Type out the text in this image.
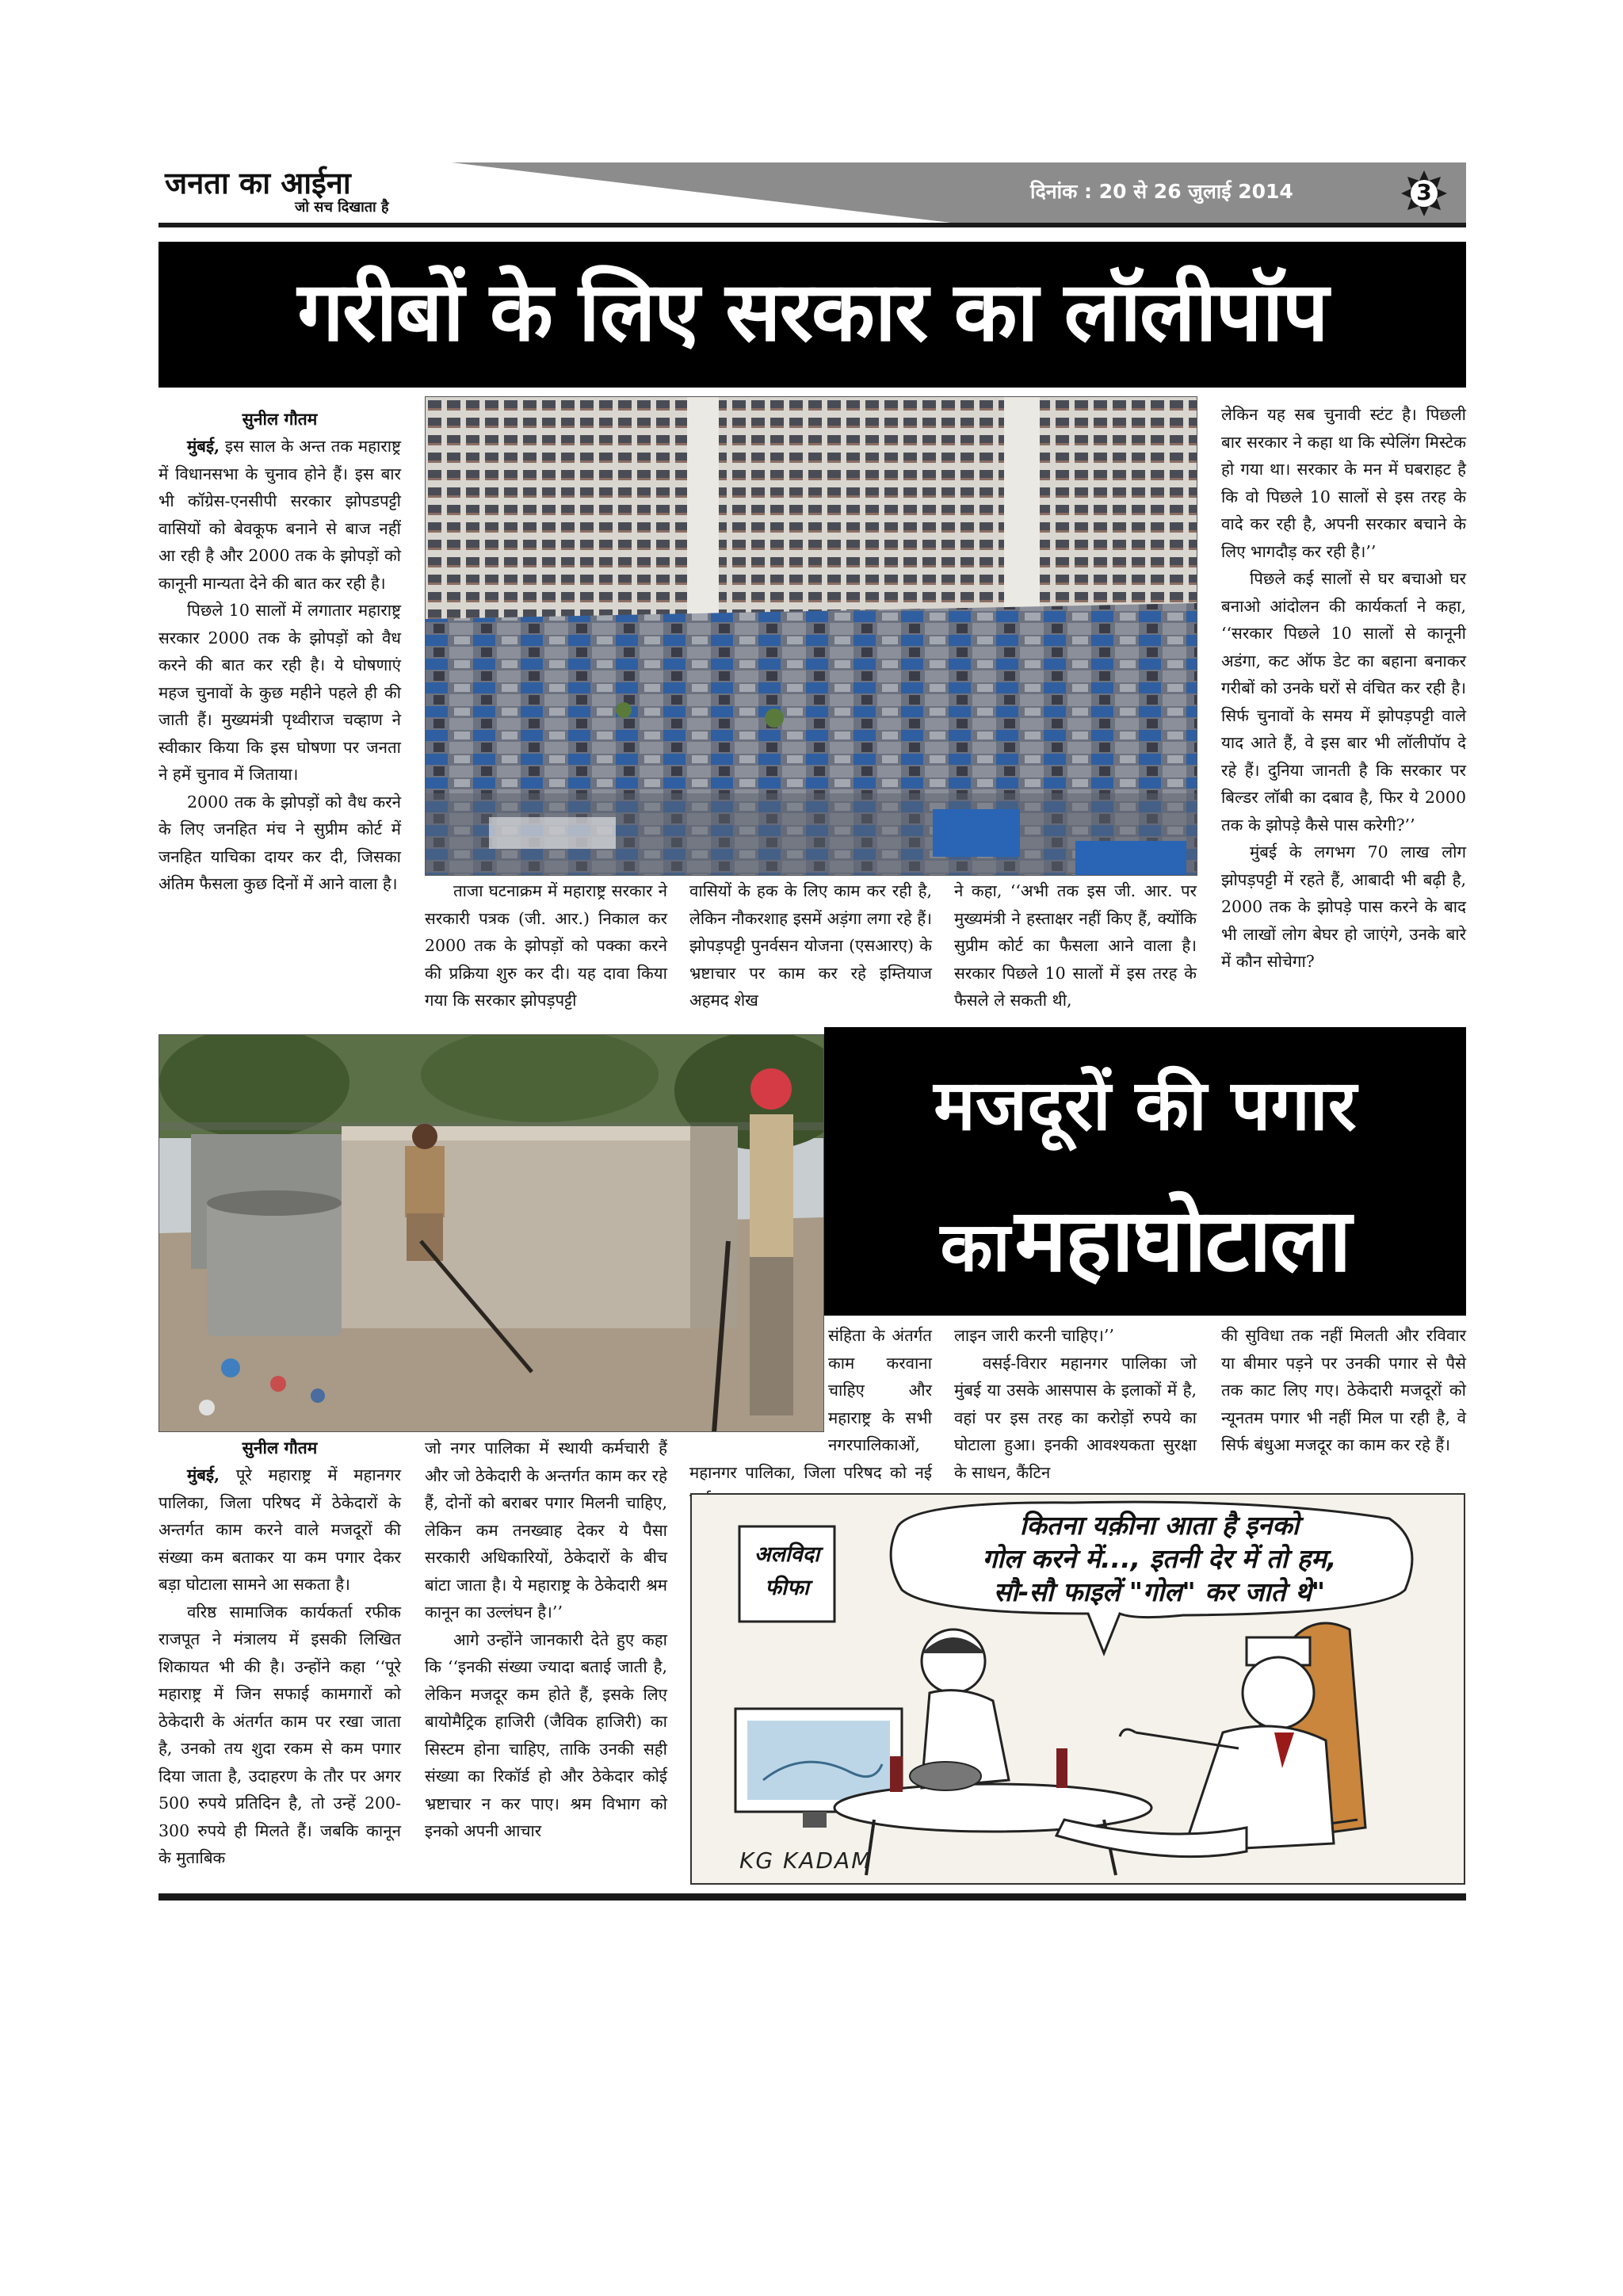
जनता का आईना
जो सच दिखाता है
दिनांक : 20 से 26 जुलाई 2014	3
गरीबों के लिए सरकार का लॉलीपॉप
सुनील गौतम

मुंबई, इस साल के अन्त तक महाराष्ट्र में विधानसभा के चुनाव होने हैं। इस बार भी कॉग्रेस-एनसीपी सरकार झोपडपट्टी वासियों को बेवकूफ बनाने से बाज नहीं आ रही है और 2000 तक के झोपड़ों को कानूनी मान्यता देने की बात कर रही है।

पिछले 10 सालों में लगातार महाराष्ट्र सरकार 2000 तक के झोपड़ों को वैध करने की बात कर रही है। ये घोषणाएं महज चुनावों के कुछ महीने पहले ही की जाती हैं। मुख्यमंत्री पृथ्वीराज चव्हाण ने स्वीकार किया कि इस घोषणा पर जनता ने हमें चुनाव में जिताया।

2000 तक के झोपड़ों को वैध करने के लिए जनहित मंच ने सुप्रीम कोर्ट में जनहित याचिका दायर कर दी, जिसका अंतिम फैसला कुछ दिनों में आने वाला है।	ताजा घटनाक्रम में महाराष्ट्र सरकार ने सरकारी पत्रक (जी. आर.) निकाल कर 2000 तक के झोपड़ों को पक्का करने की प्रक्रिया शुरु कर दी। यह दावा किया गया कि सरकार झोपड़पट्टी

वासियों के हक के लिए काम कर रही है, लेकिन नौकरशाह इसमें अड़ंगा लगा रहे हैं। झोपड़पट्टी पुनर्वसन योजना (एसआरए) के भ्रष्टाचार पर काम कर रहे इम्तियाज अहमद शेख

ने कहा, ‘‘अभी तक इस जी. आर. पर मुख्यमंत्री ने हस्ताक्षर नहीं किए हैं, क्योंकि सुप्रीम कोर्ट का फैसला आने वाला है। सरकार पिछले 10 सालों में इस तरह के फैसले ले सकती थी,

लेकिन यह सब चुनावी स्टंट है। पिछली बार सरकार ने कहा था कि स्पेलिंग मिस्टेक हो गया था। सरकार के मन में घबराहट है कि वो पिछले 10 सालों से इस तरह के वादे कर रही है, अपनी सरकार बचाने के लिए भागदौड़ कर रही है।’’

पिछले कई सालों से घर बचाओ घर बनाओ आंदोलन की कार्यकर्ता ने कहा, ‘‘सरकार पिछले 10 सालों से कानूनी अडंगा, कट ऑफ डेट का बहाना बनाकर गरीबों को उनके घरों से वंचित कर रही है। सिर्फ चुनावों के समय में झोपड़पट्टी वाले याद आते हैं, वे इस बार भी लॉलीपॉप दे रहे हैं। दुनिया जानती है कि सरकार पर बिल्डर लॉबी का दबाव है, फिर ये 2000 तक के झोपड़े कैसे पास करेगी?’’

मुंबई के लगभग 70 लाख लोग झोपड़पट्टी में रहते हैं, आबादी भी बढ़ी है, 2000 तक के झोपड़े पास करने के बाद भी लाखों लोग बेघर हो जाएंगे, उनके बारे में कौन सोचेगा?

मजदूरों की पगार
का महाघोटाला
सुनील गौतम

मुंबई, पूरे महाराष्ट्र में महानगर पालिका, जिला परिषद में ठेकेदारों के अन्तर्गत काम करने वाले मजदूरों की संख्या कम बताकर या कम पगार देकर बड़ा घोटाला सामने आ सकता है।

वरिष्ठ सामाजिक कार्यकर्ता रफीक राजपूत ने मंत्रालय में इसकी लिखित शिकायत भी की है। उन्होंने कहा ‘‘पूरे महाराष्ट्र में जिन सफाई कामगारों को ठेकेदारी के अंतर्गत काम पर रखा जाता है, उनको तय शुदा रकम से कम पगार दिया जाता है, उदाहरण के तौर पर अगर 500 रुपये प्रतिदिन है, तो उन्हें 200-300 रुपये ही मिलते हैं। जबकि कानून के मुताबिक

जो नगर पालिका में स्थायी कर्मचारी हैं और जो ठेकेदारी के अन्तर्गत काम कर रहे हैं, दोनों को बराबर पगार मिलनी चाहिए, लेकिन कम तनख्वाह देकर ये पैसा सरकारी अधिकारियों, ठेकेदारों के बीच बांटा जाता है। ये महाराष्ट्र के ठेकेदारी श्रम कानून का उल्लंघन है।’’

आगे उन्होंने जानकारी देते हुए कहा कि ‘‘इनकी संख्या ज्यादा बताई जाती है, लेकिन मजदूर कम होते हैं, इसके लिए बायोमैट्रिक हाजिरी (जैविक हाजिरी) का सिस्टम होना चाहिए, ताकि उनकी सही संख्या का रिकॉर्ड हो और ठेकेदार कोई भ्रष्टाचार न कर पाए। श्रम विभाग को इनको अपनी आचार

संहिता के अंतर्गत काम करवाना चाहिए और महाराष्ट्र के सभी नगरपालिकाओं, महानगर पालिका, जिला परिषद को नई

लाइन जारी करनी चाहिए।’’

वसई-विरार महानगर पालिका जो मुंबई या उसके आसपास के इलाकों में है, वहां पर इस तरह का करोड़ों रुपये का घोटाला हुआ। इनकी आवश्यकता सुरक्षा के साधन, कैंटिन

की सुविधा तक नहीं मिलती और रविवार या बीमार पड़ने पर उनकी पगार से पैसे तक काट लिए गए। ठेकेदारी मजदूरों को न्यूनतम पगार भी नहीं मिल पा रही है, वे सिर्फ बंधुआ मजदूर का काम कर रहे हैं।

कितना यक़ीना आता है इनको
गोल करने में..., इतनी देर में तो हम,
सौ-सौ फाइलें "गोल" कर जाते थे"
अलविदा
फीफा
KG KADAM
